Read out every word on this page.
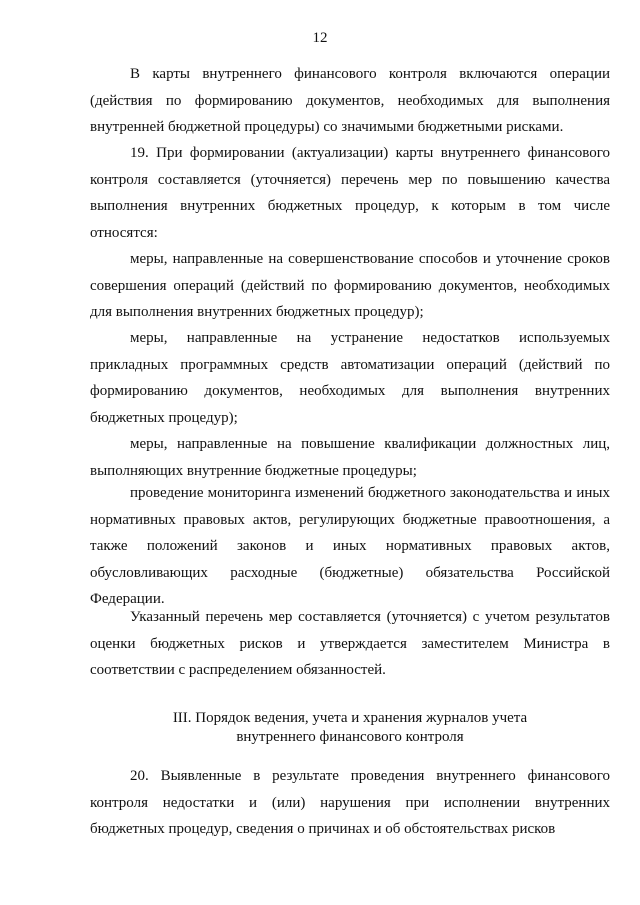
12

В карты внутреннего финансового контроля включаются операции (действия по формированию документов, необходимых для выполнения внутренней бюджетной процедуры) со значимыми бюджетными рисками.

19. При формировании (актуализации) карты внутреннего финансового контроля составляется (уточняется) перечень мер по повышению качества выполнения внутренних бюджетных процедур, к которым в том числе относятся:

меры, направленные на совершенствование способов и уточнение сроков совершения операций (действий по формированию документов, необходимых для выполнения внутренних бюджетных процедур);

меры, направленные на устранение недостатков используемых прикладных программных средств автоматизации операций (действий по формированию документов, необходимых для выполнения внутренних бюджетных процедур);

меры, направленные на повышение квалификации должностных лиц, выполняющих внутренние бюджетные процедуры;

проведение мониторинга изменений бюджетного законодательства и иных нормативных правовых актов, регулирующих бюджетные правоотношения, а также положений законов и иных нормативных правовых актов, обусловливающих расходные (бюджетные) обязательства Российской Федерации.

Указанный перечень мер составляется (уточняется) с учетом результатов оценки бюджетных рисков и утверждается заместителем Министра в соответствии с распределением обязанностей.

III. Порядок ведения, учета и хранения журналов учета
внутреннего финансового контроля

20. Выявленные в результате проведения внутреннего финансового контроля недостатки и (или) нарушения при исполнении внутренних бюджетных процедур, сведения о причинах и об обстоятельствах рисков
